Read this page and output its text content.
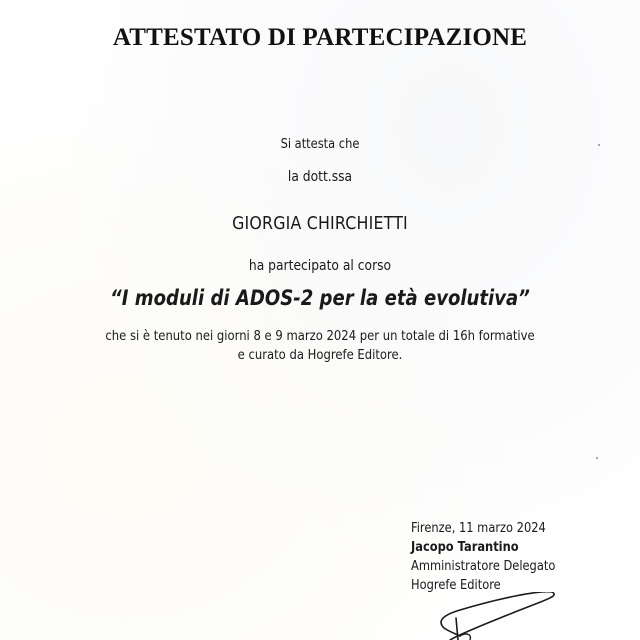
ATTESTATO DI PARTECIPAZIONE
Si attesta che
la dott.ssa
GIORGIA CHIRCHIETTI
ha partecipato al corso
“I moduli di ADOS-2 per la età evolutiva”
che si è tenuto nei giorni 8 e 9 marzo 2024 per un totale di 16h formative
e curato da Hogrefe Editore.
Firenze, 11 marzo 2024
Jacopo Tarantino
Amministratore Delegato
Hogrefe Editore
